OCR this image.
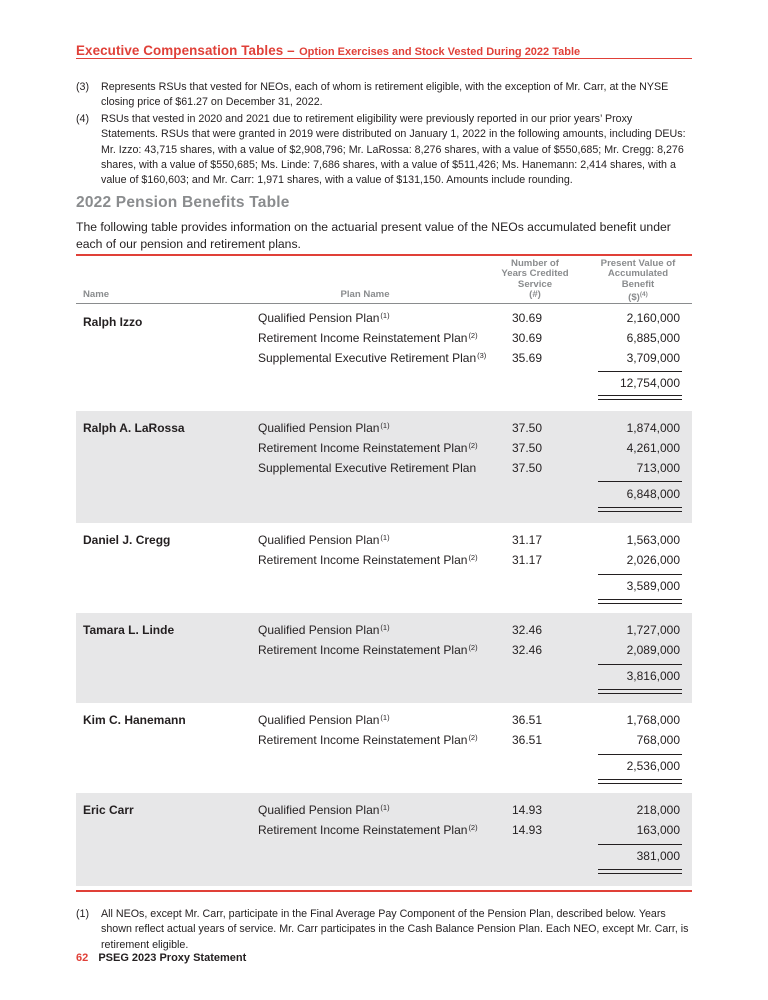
Executive Compensation Tables – Option Exercises and Stock Vested During 2022 Table
(3) Represents RSUs that vested for NEOs, each of whom is retirement eligible, with the exception of Mr. Carr, at the NYSE closing price of $61.27 on December 31, 2022.
(4) RSUs that vested in 2020 and 2021 due to retirement eligibility were previously reported in our prior years’ Proxy Statements. RSUs that were granted in 2019 were distributed on January 1, 2022 in the following amounts, including DEUs: Mr. Izzo: 43,715 shares, with a value of $2,908,796; Mr. LaRossa: 8,276 shares, with a value of $550,685; Mr. Cregg: 8,276 shares, with a value of $550,685; Ms. Linde: 7,686 shares, with a value of $511,426; Ms. Hanemann: 2,414 shares, with a value of $160,603; and Mr. Carr: 1,971 shares, with a value of $131,150. Amounts include rounding.
2022 Pension Benefits Table
The following table provides information on the actuarial present value of the NEOs accumulated benefit under each of our pension and retirement plans.
Name	Plan Name
Number of
Years Credited
Service
(#)
Present Value of
Accumulated
Benefit
($)$^{(4)}$
Ralph Izzo	Qualified Pension Plan$^{(1)}$	30.69	2,160,000
Retirement Income Reinstatement Plan$^{(2)}$	30.69	6,885,000
Supplemental Executive Retirement Plan$^{(3)}$	35.69	3,709,000
12,754,000
Ralph A. LaRossa	Qualified Pension Plan$^{(1)}$	37.50	1,874,000
Retirement Income Reinstatement Plan$^{(2)}$	37.50	4,261,000
Supplemental Executive Retirement Plan	37.50	713,000
6,848,000
Daniel J. Cregg	Qualified Pension Plan$^{(1)}$	31.17	1,563,000
Retirement Income Reinstatement Plan$^{(2)}$	31.17	2,026,000
3,589,000
Tamara L. Linde	Qualified Pension Plan$^{(1)}$	32.46	1,727,000
Retirement Income Reinstatement Plan$^{(2)}$	32.46	2,089,000
3,816,000
Kim C. Hanemann	Qualified Pension Plan$^{(1)}$	36.51	1,768,000
Retirement Income Reinstatement Plan$^{(2)}$	36.51	768,000
2,536,000
Eric Carr	Qualified Pension Plan$^{(1)}$	14.93	218,000
Retirement Income Reinstatement Plan$^{(2)}$	14.93	163,000
381,000
(1) All NEOs, except Mr. Carr, participate in the Final Average Pay Component of the Pension Plan, described below. Years shown reflect actual years of service. Mr. Carr participates in the Cash Balance Pension Plan. Each NEO, except Mr. Carr, is retirement eligible.
62 PSEG 2023 Proxy Statement
